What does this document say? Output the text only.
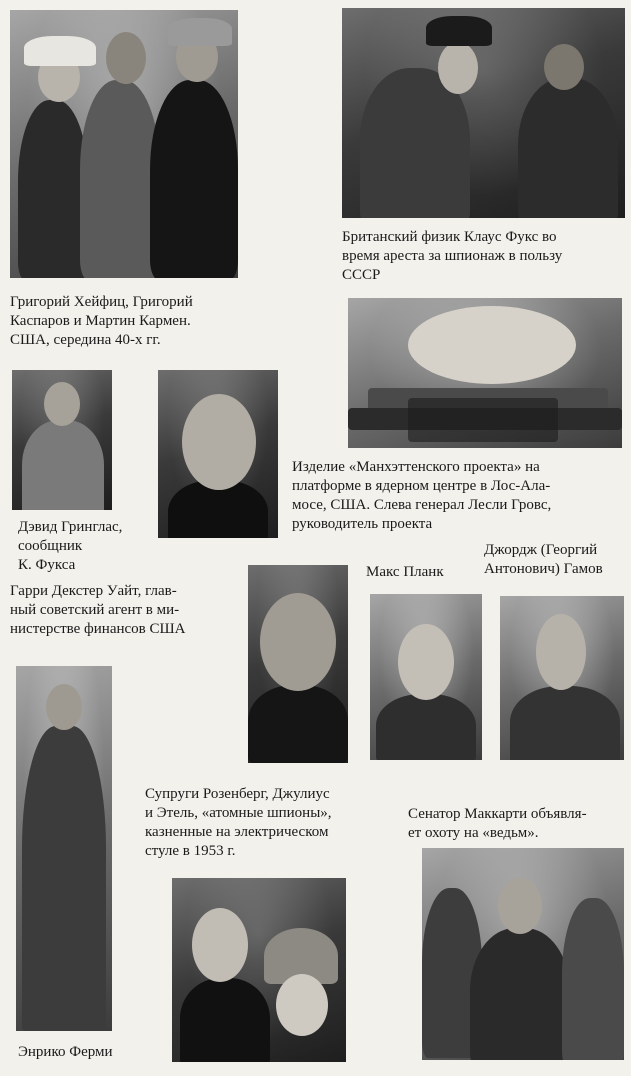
Григорий Хейфиц, Григорий
Каспаров и Мартин Кармен.
США, середина 40-х гг.

Британский физик Клаус Фукс во
время ареста за шпионаж в пользу
СССР

Изделие «Манхэттенского проекта» на
платформе в ядерном центре в Лос-Ала-
мосе, США. Слева генерал Лесли Гровс,
руководитель проекта

Дэвид Гринглас,
сообщник
К. Фукса

Гарри Декстер Уайт, глав-
ный советский агент в ми-
нистерстве финансов США

Макс Планк

Джордж (Георгий
Антонович) Гамов

Энрико Ферми

Супруги Розенберг, Джулиус
и Этель, «атомные шпионы»,
казненные на электрическом
стуле в 1953 г.

Сенатор Маккарти объявля-
ет охоту на «ведьм».
